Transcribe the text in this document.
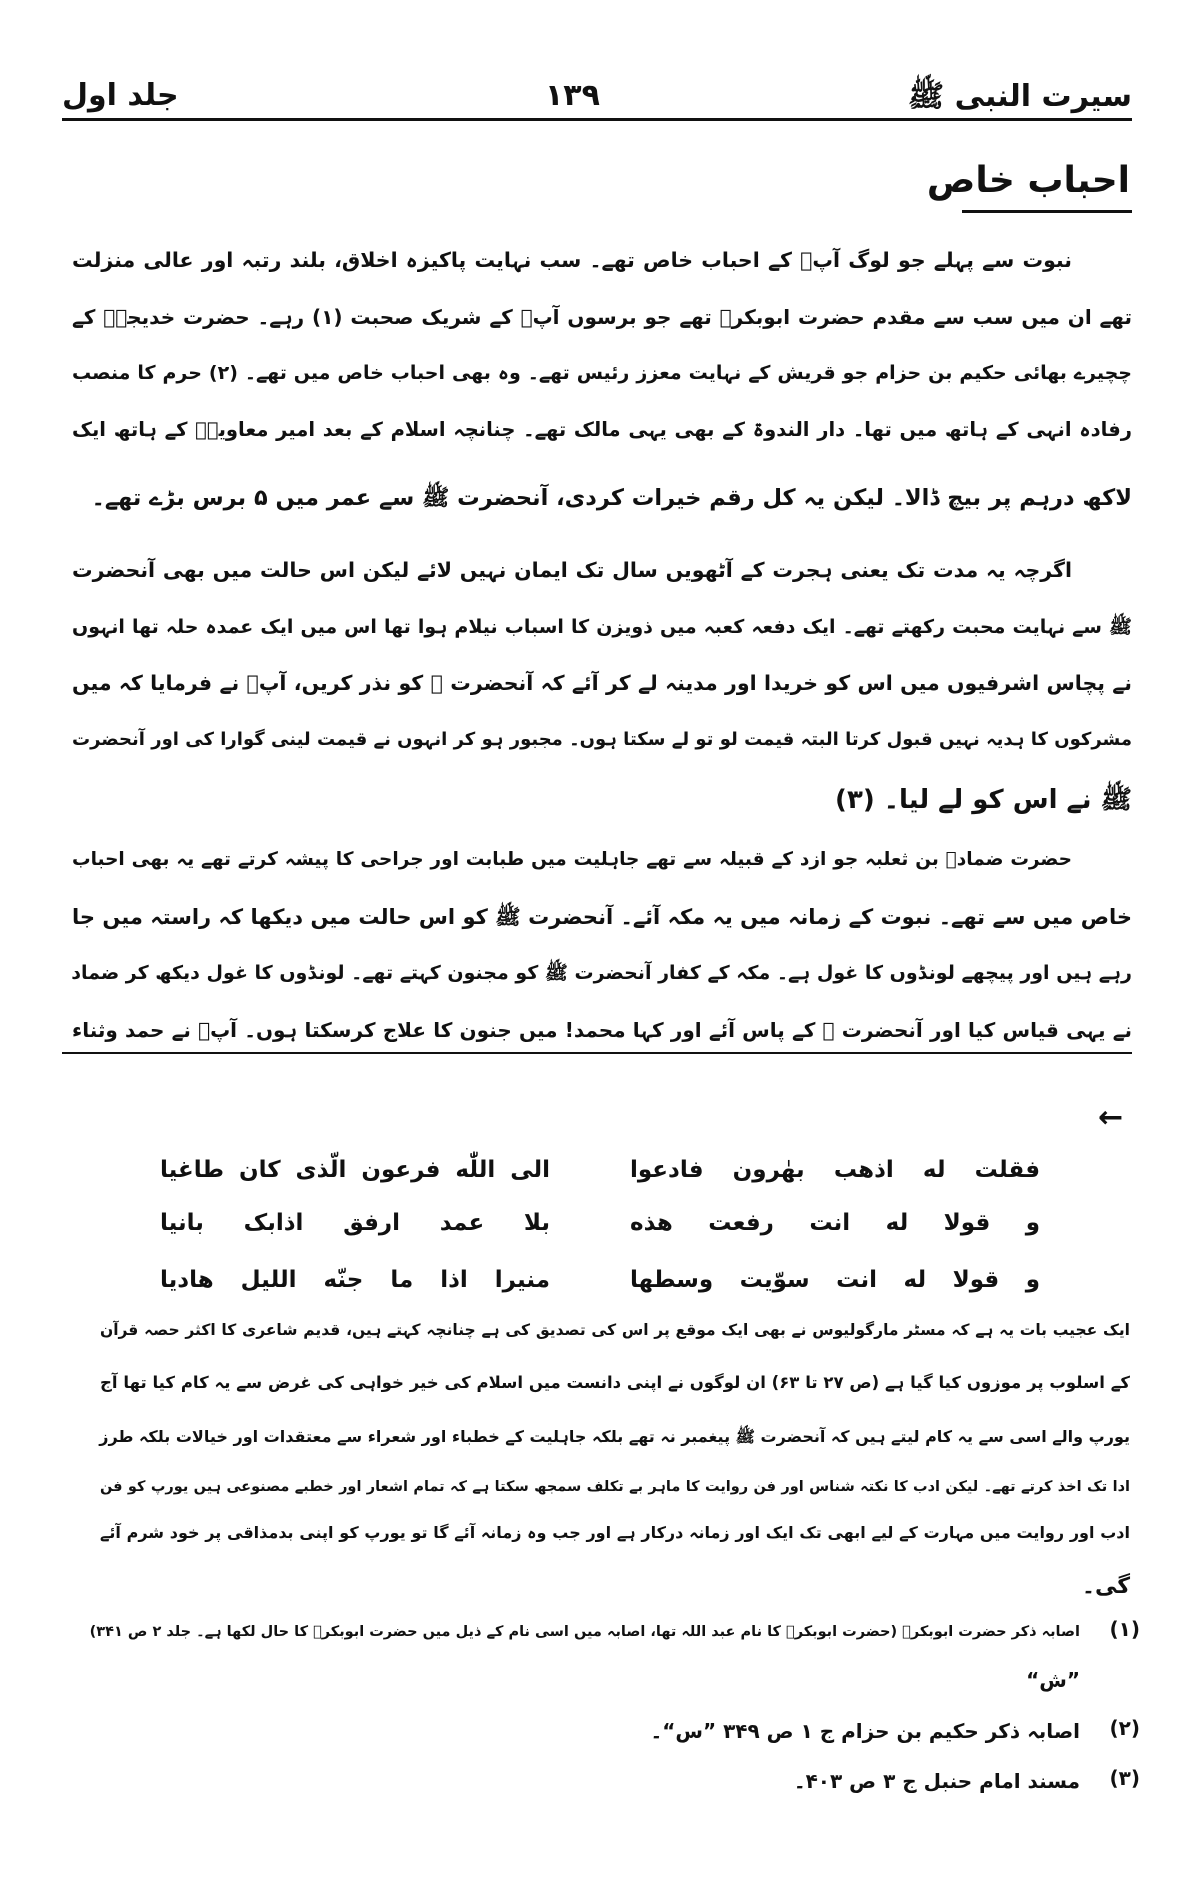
سیرت النبی ﷺ
۱۳۹
جلد اول
احباب خاص
نبوت سے پہلے جو لوگ آپؐ کے احباب خاص تھے۔ سب نہایت پاکیزہ اخلاق، بلند رتبہ اور عالی منزلت
تھے ان میں سب سے مقدم حضرت ابوبکرؓ تھے جو برسوں آپؐ کے شریک صحبت (۱) رہے۔ حضرت خدیجہؓ کے
چچیرے بھائی حکیم بن حزام جو قریش کے نہایت معزز رئیس تھے۔ وہ بھی احباب خاص میں تھے۔ (۲) حرم کا منصب
رفادہ انہی کے ہاتھ میں تھا۔ دار الندوۃ کے بھی یہی مالک تھے۔ چنانچہ اسلام کے بعد امیر معاویہؓ کے ہاتھ ایک
لاکھ درہم پر بیچ ڈالا۔ لیکن یہ کل رقم خیرات کردی، آنحضرت ﷺ سے عمر میں ۵ برس بڑے تھے۔
اگرچہ یہ مدت تک یعنی ہجرت کے آٹھویں سال تک ایمان نہیں لائے لیکن اس حالت میں بھی آنحضرت
ﷺ سے نہایت محبت رکھتے تھے۔ ایک دفعہ کعبہ میں ذویزن کا اسباب نیلام ہوا تھا اس میں ایک عمدہ حلہ تھا انہوں
نے پچاس اشرفیوں میں اس کو خریدا اور مدینہ لے کر آئے کہ آنحضرت ﷺ کو نذر کریں، آپؐ نے فرمایا کہ میں
مشرکوں کا ہدیہ نہیں قبول کرتا البتہ قیمت لو تو لے سکتا ہوں۔ مجبور ہو کر انہوں نے قیمت لینی گوارا کی اور آنحضرت
ﷺ نے اس کو لے لیا۔ (۳)
حضرت ضمادؓ بن ثعلبہ جو ازد کے قبیلہ سے تھے جاہلیت میں طبابت اور جراحی کا پیشہ کرتے تھے یہ بھی احباب
خاص میں سے تھے۔ نبوت کے زمانہ میں یہ مکہ آئے۔ آنحضرت ﷺ کو اس حالت میں دیکھا کہ راستہ میں جا
رہے ہیں اور پیچھے لونڈوں کا غول ہے۔ مکہ کے کفار آنحضرت ﷺ کو مجنون کہتے تھے۔ لونڈوں کا غول دیکھ کر ضماد
نے یہی قیاس کیا اور آنحضرت ﷺ کے پاس آئے اور کہا محمد! میں جنون کا علاج کرسکتا ہوں۔ آپؐ نے حمد وثناء
←
فقلت له اذهب بهٰرون فادعوا
الی اللّٰه فرعون الّذی کان طاغیا
و قولا له انت رفعت هذه
بلا عمد ارفق اذابک بانیا
و قولا له انت سوّیت وسطها
منیرا اذا ما جنّه اللیل هادیا
ایک عجیب بات یہ ہے کہ مسٹر مارگولیوس نے بھی ایک موقع پر اس کی تصدیق کی ہے چنانچہ کہتے ہیں، قدیم شاعری کا اکثر حصہ قرآن
کے اسلوب پر موزوں کیا گیا ہے (ص ۲۷ تا ۶۳) ان لوگوں نے اپنی دانست میں اسلام کی خیر خواہی کی غرض سے یہ کام کیا تھا آج
یورپ والے اسی سے یہ کام لیتے ہیں کہ آنحضرت ﷺ پیغمبر نہ تھے بلکہ جاہلیت کے خطباء اور شعراء سے معتقدات اور خیالات بلکہ طرز
ادا تک اخذ کرتے تھے۔ لیکن ادب کا نکتہ شناس اور فن روایت کا ماہر بے تکلف سمجھ سکتا ہے کہ تمام اشعار اور خطبے مصنوعی ہیں یورپ کو فن
ادب اور روایت میں مہارت کے لیے ابھی تک ایک اور زمانہ درکار ہے اور جب وہ زمانہ آئے گا تو یورپ کو اپنی بدمذاقی پر خود شرم آئے
گی۔
(۱)
اصابہ ذکر حضرت ابوبکرؓ (حضرت ابوبکرؓ کا نام عبد اللہ تھا، اصابہ میں اسی نام کے ذیل میں حضرت ابوبکرؓ کا حال لکھا ہے۔ جلد ۲ ص ۳۴۱)
”ش“
(۲)
اصابہ ذکر حکیم بن حزام ج ۱ ص ۳۴۹ ”س“۔
(۳)
مسند امام حنبل ج ۳ ص ۴۰۳۔
